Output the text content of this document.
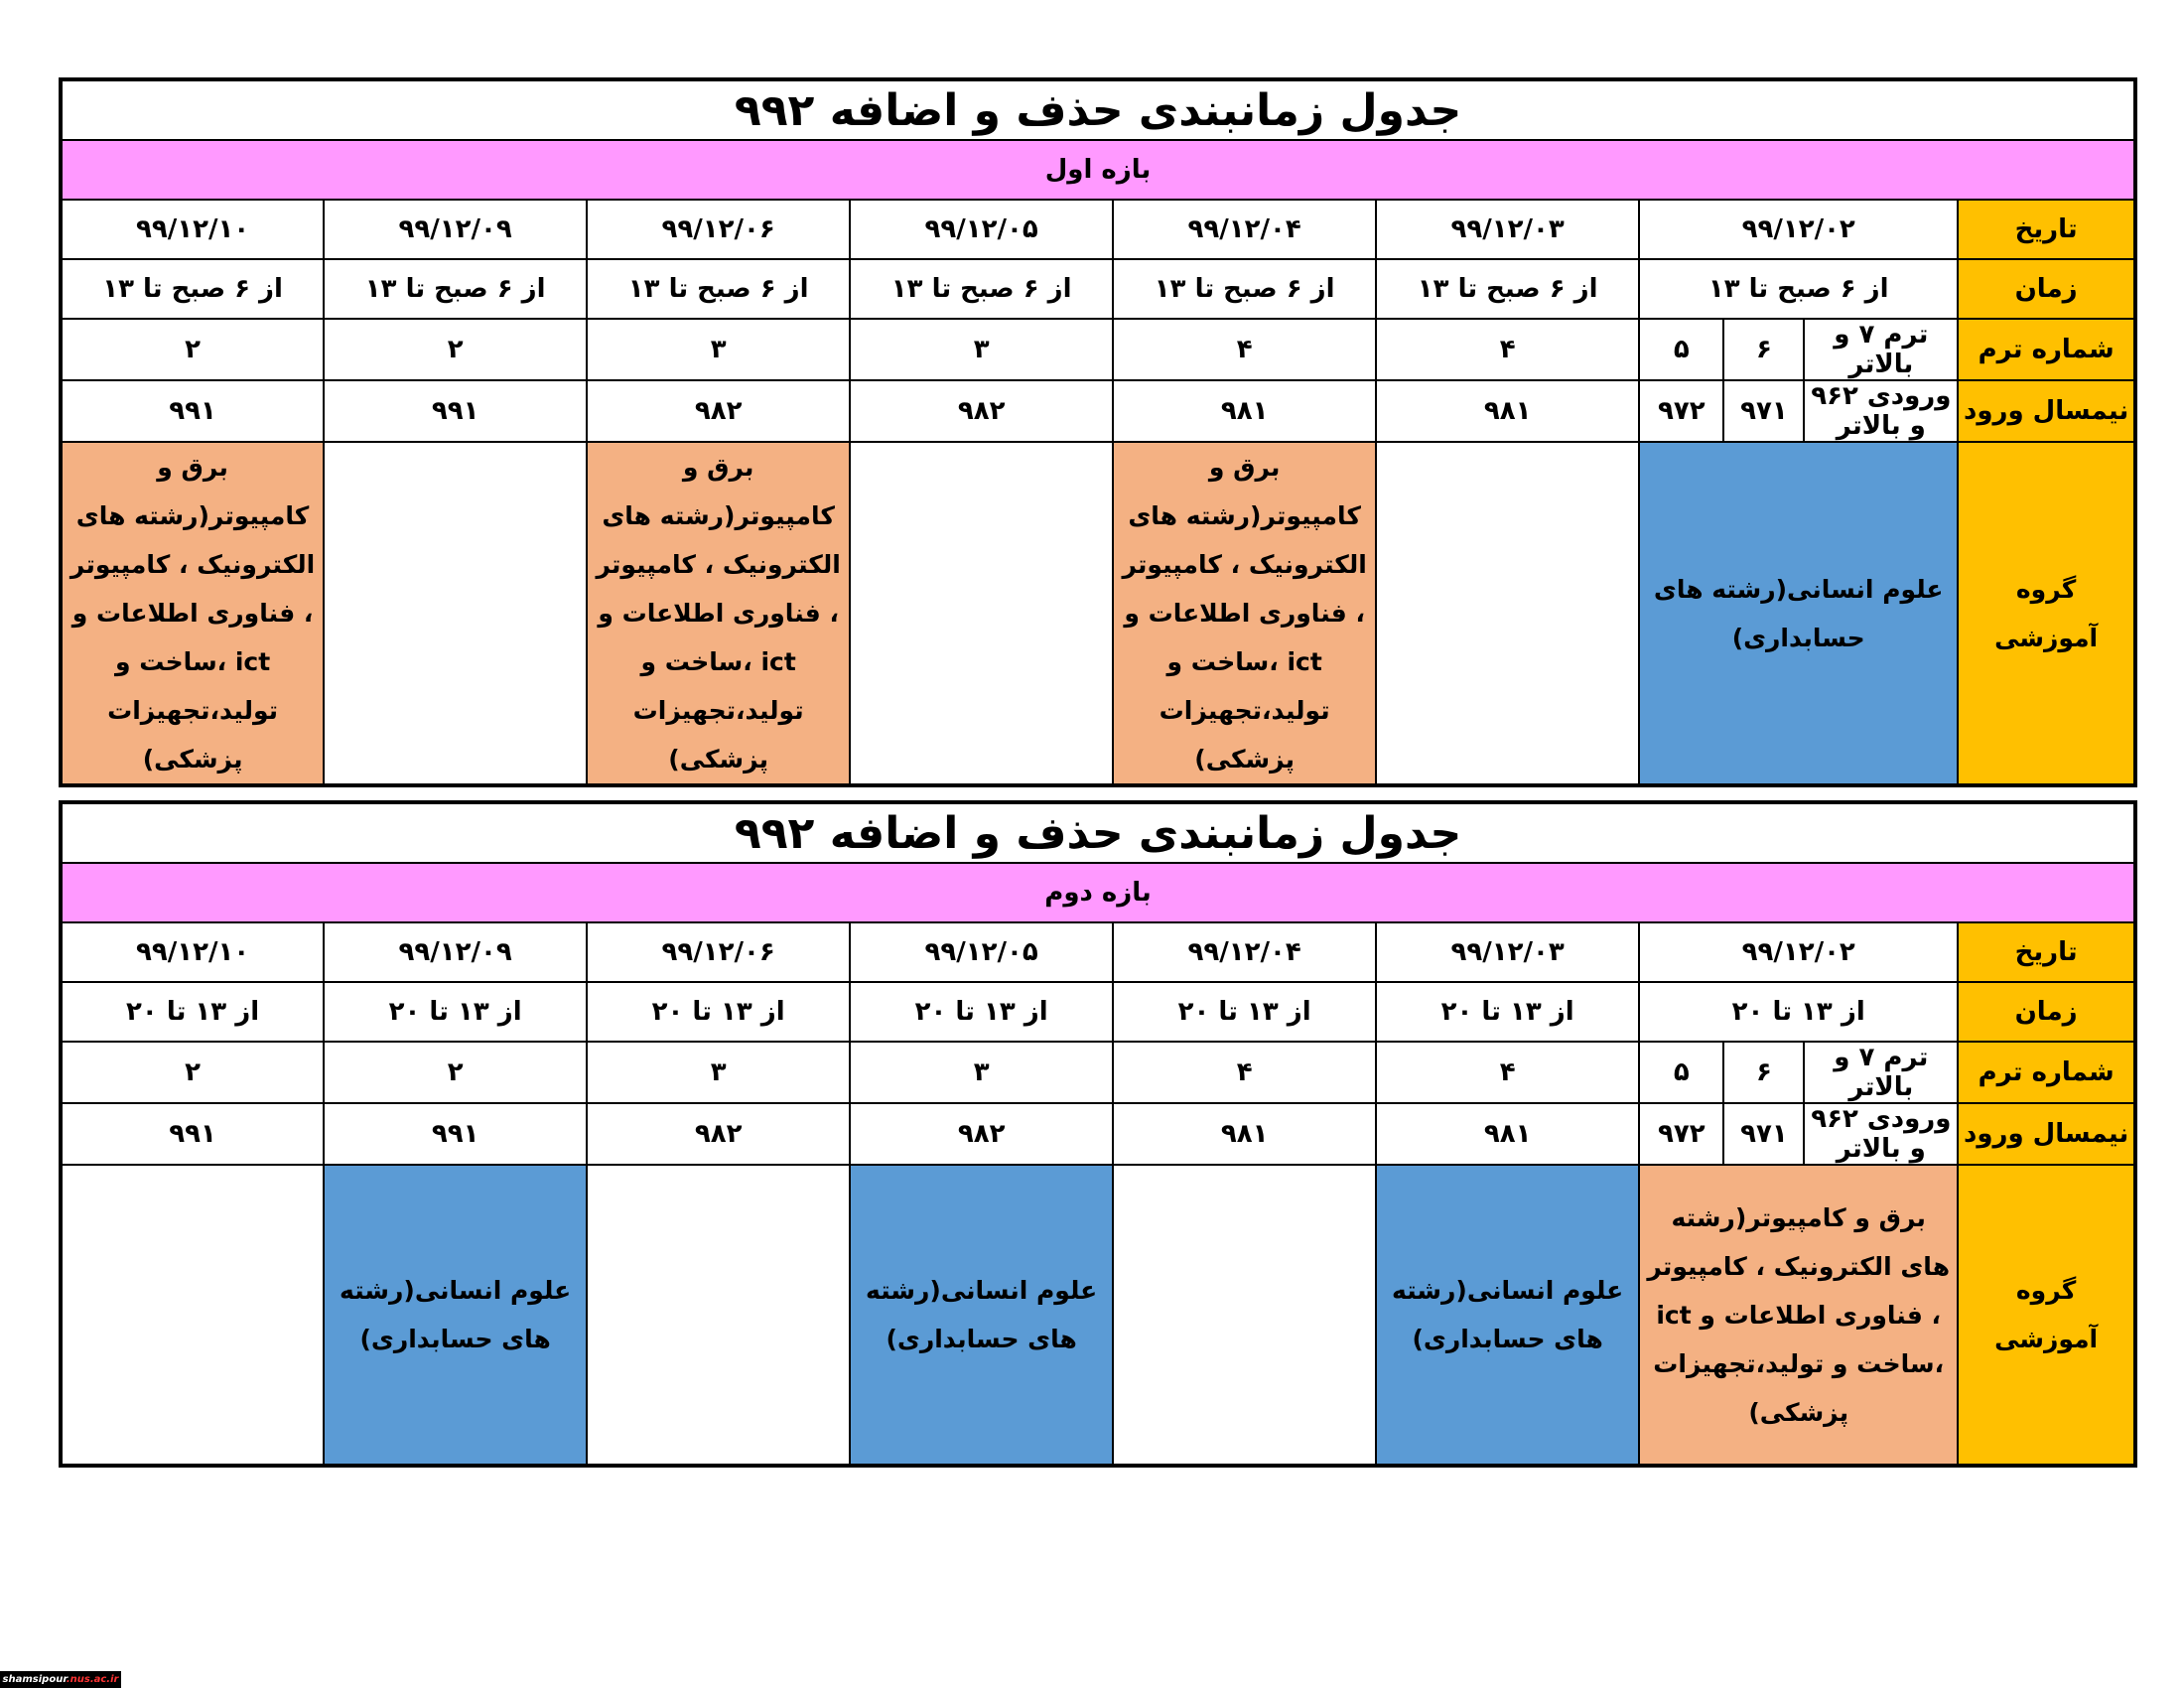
جدول زمانبندی حذف و اضافه ۹۹۲									
بازه اول									
تاریخ	۹۹/۱۲/۰۲			۹۹/۱۲/۰۳	۹۹/۱۲/۰۴	۹۹/۱۲/۰۵	۹۹/۱۲/۰۶	۹۹/۱۲/۰۹	۹۹/۱۲/۱۰
زمان	از ۶ صبح تا ۱۳			از ۶ صبح تا ۱۳	از ۶ صبح تا ۱۳	از ۶ صبح تا ۱۳	از ۶ صبح تا ۱۳	از ۶ صبح تا ۱۳	از ۶ صبح تا ۱۳
شماره ترم	ترم ۷ و بالاتر	۶	۵	۴	۴	۳	۳	۲	۲
نیمسال ورود	ورودی ۹۶۲ و بالاتر	۹۷۱	۹۷۲	۹۸۱	۹۸۱	۹۸۲	۹۸۲	۹۹۱	۹۹۱
گروه آموزشی	علوم انسانی(رشته های حسابداری)				برق و کامپیوتر(رشته های الکترونیک ، کامپیوتر ، فناوری اطلاعات و ict ،ساخت و تولید،تجهیزات پزشکی)		برق و کامپیوتر(رشته های الکترونیک ، کامپیوتر ، فناوری اطلاعات و ict ،ساخت و تولید،تجهیزات پزشکی)		برق و کامپیوتر(رشته های الکترونیک ، کامپیوتر ، فناوری اطلاعات و ict ،ساخت و تولید،تجهیزات پزشکی)
جدول زمانبندی حذف و اضافه ۹۹۲									
بازه دوم									
تاریخ	۹۹/۱۲/۰۲			۹۹/۱۲/۰۳	۹۹/۱۲/۰۴	۹۹/۱۲/۰۵	۹۹/۱۲/۰۶	۹۹/۱۲/۰۹	۹۹/۱۲/۱۰
زمان	از ۱۳ تا ۲۰			از ۱۳ تا ۲۰	از ۱۳ تا ۲۰	از ۱۳ تا ۲۰	از ۱۳ تا ۲۰	از ۱۳ تا ۲۰	از ۱۳ تا ۲۰
شماره ترم	ترم ۷ و بالاتر	۶	۵	۴	۴	۳	۳	۲	۲
نیمسال ورود	ورودی ۹۶۲ و بالاتر	۹۷۱	۹۷۲	۹۸۱	۹۸۱	۹۸۲	۹۸۲	۹۹۱	۹۹۱
گروه آموزشی	برق و کامپیوتر(رشته های الکترونیک ، کامپیوتر ، فناوری اطلاعات و ict ،ساخت و تولید،تجهیزات پزشکی)			علوم انسانی(رشته های حسابداری)		علوم انسانی(رشته های حسابداری)		علوم انسانی(رشته های حسابداری)	
shamsipour.nus.ac.ir
